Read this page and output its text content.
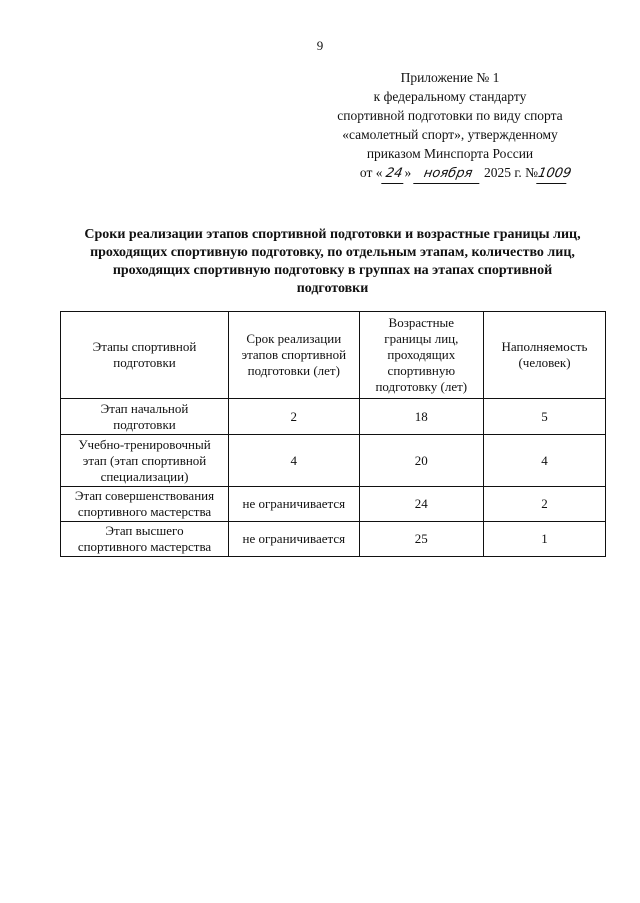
9
Приложение № 1
к федеральному стандарту
спортивной подготовки по виду спорта
«самолетный спорт», утвержденному
приказом Минспорта России
от «24» ноября 2025 г. №1009
Сроки реализации этапов спортивной подготовки и возрастные границы лиц,
проходящих спортивную подготовку, по отдельным этапам, количество лиц,
проходящих спортивную подготовку в группах на этапах спортивной
подготовки
Этапы спортивной
подготовки	Срок реализации
этапов спортивной
подготовки (лет)	Возрастные
границы лиц,
проходящих
спортивную
подготовку (лет)	Наполняемость
(человек)

Этап начальной
подготовки	2	18	5

Учебно-тренировочный
этап (этап спортивной
специализации)	4	20	4

Этап совершенствования
спортивного мастерства	не ограничивается	24	2

Этап высшего
спортивного мастерства	не ограничивается	25	1
